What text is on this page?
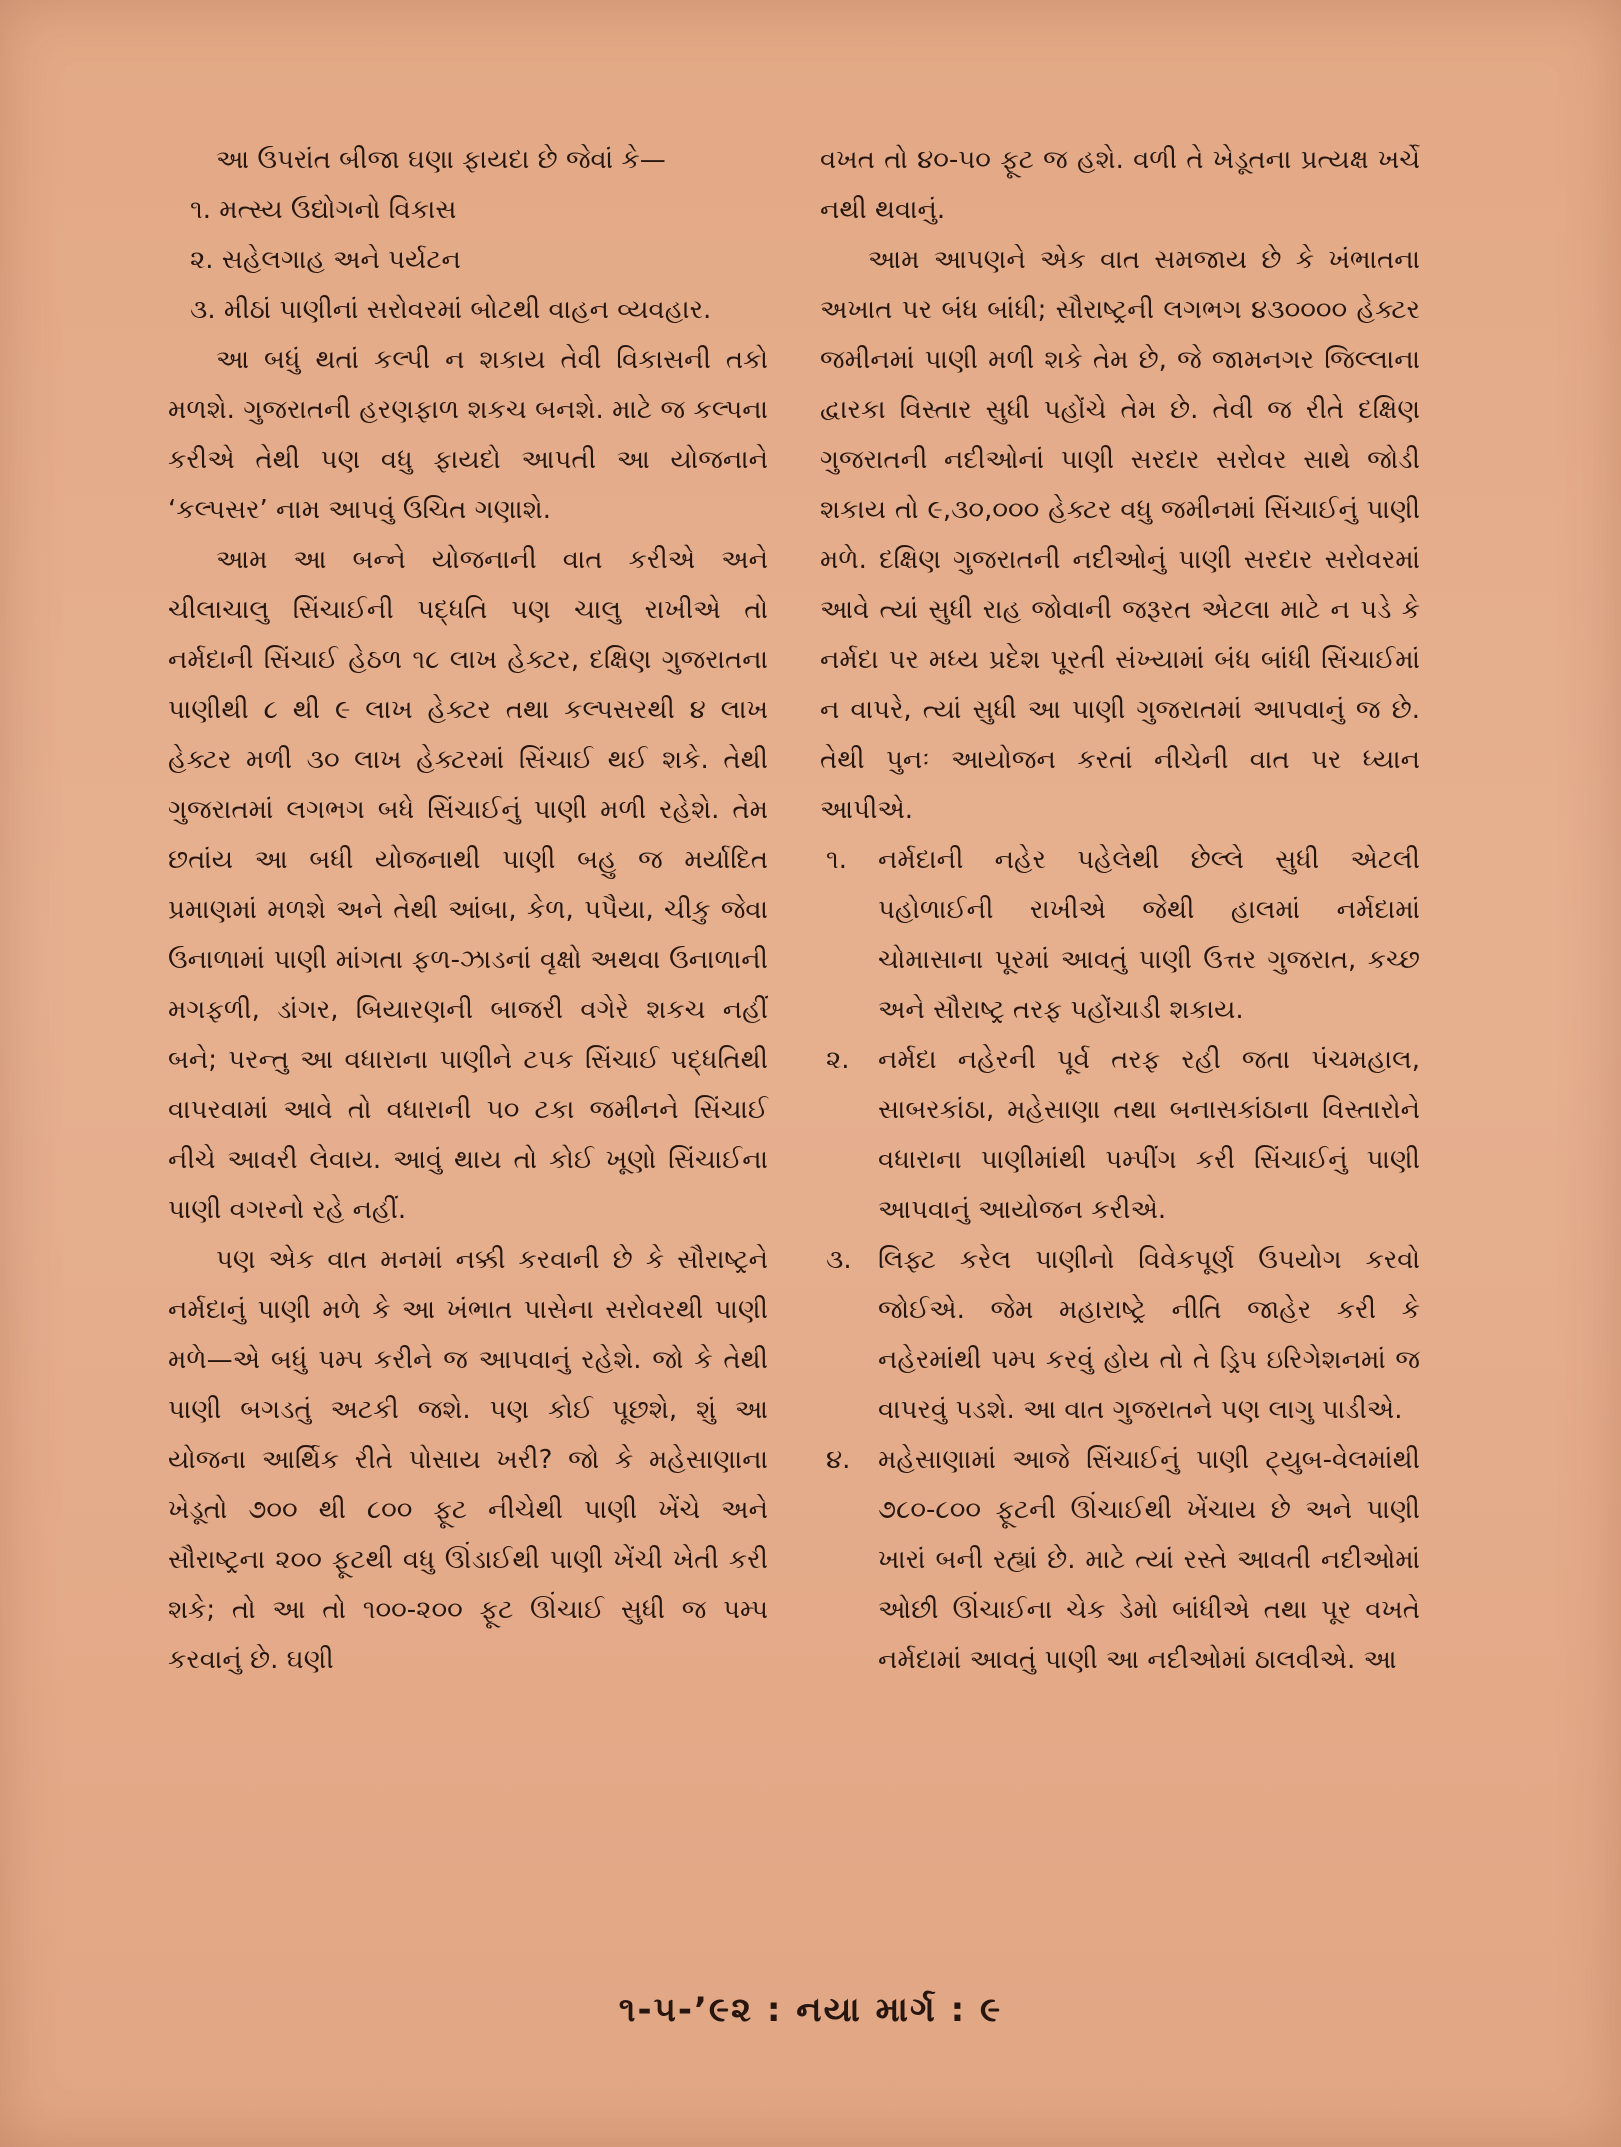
આ ઉપરાંત બીજા ઘણા ફાયદા છે જેવાં કે—

૧. મત્સ્ય ઉદ્યોગનો વિકાસ

૨. સહેલગાહ અને પર્યટન

૩. મીઠાં પાણીનાં સરોવરમાં બોટથી વાહન વ્યવહાર.

આ બધું થતાં કલ્પી ન શકાય તેવી વિકાસની તકો મળશે. ગુજરાતની હરણફાળ શકચ બનશે. માટે જ કલ્પના કરીએ તેથી પણ વધુ ફાયદો આપતી આ યોજનાને ‘કલ્પસર’ નામ આપવું ઉચિત ગણાશે.

આમ આ બન્ને યોજનાની વાત કરીએ અને ચીલાચાલુ સિંચાઈની પદ્ધતિ પણ ચાલુ રાખીએ તો નર્મદાની સિંચાઈ હેઠળ ૧૮ લાખ હેક્ટર, દક્ષિણ ગુજરાતના પાણીથી ૮ થી ૯ લાખ હેક્ટર તથા કલ્પસરથી ૪ લાખ હેક્ટર મળી ૩૦ લાખ હેક્ટરમાં સિંચાઈ થઈ શકે. તેથી ગુજરાતમાં લગભગ બધે સિંચાઈનું પાણી મળી રહેશે. તેમ છતાંય આ બધી યોજનાથી પાણી બહુ જ મર્યાદિત પ્રમાણમાં મળશે અને તેથી આંબા, કેળ, પપૈયા, ચીકુ જેવા ઉનાળામાં પાણી માંગતા ફળ-ઝાડનાં વૃક્ષો અથવા ઉનાળાની મગફળી, ડાંગર, બિયારણની બાજરી વગેરે શકચ નહીં બને; પરન્તુ આ વધારાના પાણીને ટપક સિંચાઈ પદ્ધતિથી વાપરવામાં આવે તો વધારાની ૫૦ ટકા જમીનને સિંચાઈ નીચે આવરી લેવાય. આવું થાય તો કોઈ ખૂણો સિંચાઈના પાણી વગરનો રહે નહીં.

પણ એક વાત મનમાં નક્કી કરવાની છે કે સૌરાષ્ટ્રને નર્મદાનું પાણી મળે કે આ ખંભાત પાસેના સરોવરથી પાણી મળે—એ બધું પમ્પ કરીને જ આપવાનું રહેશે. જો કે તેથી પાણી બગડતું અટકી જશે. પણ કોઈ પૂછશે, શું આ યોજના આર્થિક રીતે પોસાય ખરી? જો કે મહેસાણાના ખેડૂતો ૭૦૦ થી ૮૦૦ ફૂટ નીચેથી પાણી ખેંચે અને સૌરાષ્ટ્રના ૨૦૦ ફૂટથી વધુ ઊંડાઈથી પાણી ખેંચી ખેતી કરી શકે; તો આ તો ૧૦૦-૨૦૦ ફૂટ ઊંચાઈ સુધી જ પમ્પ કરવાનું છે. ઘણી

વખત તો ૪૦-૫૦ ફૂટ જ હશે. વળી તે ખેડૂતના પ્રત્યક્ષ ખર્ચે નથી થવાનું.

આમ આપણને એક વાત સમજાય છે કે ખંભાતના અખાત પર બંધ બાંધી; સૌરાષ્ટ્રની લગભગ ૪૩૦૦૦૦ હેક્ટર જમીનમાં પાણી મળી શકે તેમ છે, જે જામનગર જિલ્લાના દ્વારકા વિસ્તાર સુધી પહોંચે તેમ છે. તેવી જ રીતે દક્ષિણ ગુજરાતની નદીઓનાં પાણી સરદાર સરોવર સાથે જોડી શકાય તો ૯,૩૦,૦૦૦ હેક્ટર વધુ જમીનમાં સિંચાઈનું પાણી મળે. દક્ષિણ ગુજરાતની નદીઓનું પાણી સરદાર સરોવરમાં આવે ત્યાં સુધી રાહ જોવાની જરૂરત એટલા માટે ન પડે કે નર્મદા પર મધ્ય પ્રદેશ પૂરતી સંખ્યામાં બંધ બાંધી સિંચાઈમાં ન વાપરે, ત્યાં સુધી આ પાણી ગુજરાતમાં આપવાનું જ છે. તેથી પુનઃ આયોજન કરતાં નીચેની વાત પર ધ્યાન આપીએ.

૧.	નર્મદાની નહેર પહેલેથી છેલ્લે સુધી એટલી પહોળાઈની રાખીએ જેથી હાલમાં નર્મદામાં ચોમાસાના પૂરમાં આવતું પાણી ઉત્તર ગુજરાત, કચ્છ અને સૌરાષ્ટ્ર તરફ પહોંચાડી શકાય.
૨.	નર્મદા નહેરની પૂર્વ તરફ રહી જતા પંચમહાલ, સાબરકાંઠા, મહેસાણા તથા બનાસકાંઠાના વિસ્તારોને વધારાના પાણીમાંથી પમ્પીંગ કરી સિંચાઈનું પાણી આપવાનું આયોજન કરીએ.
૩.	લિફ્ટ કરેલ પાણીનો વિવેકપૂર્ણ ઉપયોગ કરવો જોઈએ. જેમ મહારાષ્ટ્રે નીતિ જાહેર કરી કે નહેરમાંથી પમ્પ કરવું હોય તો તે ડ્રિપ ઇરિગેશનમાં જ વાપરવું પડશે. આ વાત ગુજરાતને પણ લાગુ પાડીએ.
૪.	મહેસાણામાં આજે સિંચાઈનું પાણી ટ્યુબ-વેલમાંથી ૭૮૦-૮૦૦ ફૂટની ઊંચાઈથી ખેંચાય છે અને પાણી ખારાં બની રહ્યાં છે. માટે ત્યાં રસ્તે આવતી નદીઓમાં ઓછી ઊંચાઈના ચેક ડેમો બાંધીએ તથા પૂર વખતે નર્મદામાં આવતું પાણી આ નદીઓમાં ઠાલવીએ. આ
૧-૫-’૯૨ : નયા માર્ગ : ૯
